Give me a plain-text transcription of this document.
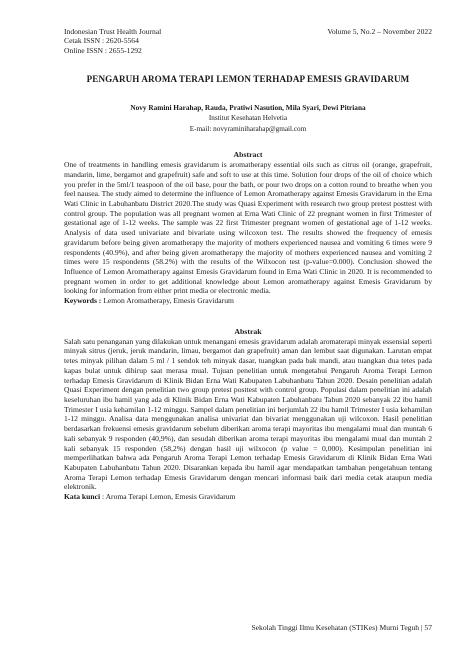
Indonesian Trust Health Journal
Cetak ISSN : 2620-5564
Online ISSN : 2655-1292
Volume 5, No.2 – November 2022
PENGARUH AROMA TERAPI LEMON TERHADAP EMESIS GRAVIDARUM
Novy Ramini Harahap, Rauda, Pratiwi Nasution, Mila Syari, Dewi Pitriana
Institut Kesehatan Helvetia
E-mail: novyraminiharahap@gmail.com
Abstract
One of treatments in handling emesis gravidarum is aromatherapy essential oils such as citrus oil (orange, grapefruit, mandarin, lime, bergamot and grapefruit) safe and soft to use at this time. Solution four drops of the oil of choice which you prefer in the 5ml/1 teaspoon of the oil base, pour the bath, or pour two drops on a cotton round to breathe when you feel nausea. The study aimed to determine the influence of Lemon Aromatherapy against Emesis Gravidarum in the Erna Wati Clinic in Labuhanbatu District 2020.The study was Quasi Experiment with research two group pretest posttest with control group. The population was all pregnant women at Erna Wati Clinic of 22 pregnant women in first Trimester of gestational age of 1-12 weeks. The sample was 22 first Trimester pregnant women of gestational age of 1-12 weeks. Analysis of data used univariate and bivariate using wilcoxon test. The results showed the frequency of emesis gravidarum before being given aromatherapy the majority of mothers experienced nausea and vomiting 6 times were 9 respondents (40.9%), and after being given aromatherapy the majority of mothers experienced nausea and vomiting 2 times were 15 respondents (58.2%) with the results of the Wilxocon test (p-value=0.000). Conclusion showed the Influence of Lemon Aromatherapy against Emesis Gravidarum found in Erna Wati Clinic in 2020. It is recommended to pregnant women in order to get additional knowledge about Lemon aromatherapy against Emesis Gravidarum by looking for information from either print media or electronic media.
Keywords : Lemon Aromatherapy, Emesis Gravidarum
Abstrak
Salah satu penanganan yang dilakukan untuk menangani emesis gravidarum adalah aromaterapi minyak essensial seperti minyak sitrus (jeruk, jeruk mandarin, limau, bergamot dan grapefruit) aman dan lembut saat digunakan. Larutan empat tetes minyak pilihan dalam 5 ml / 1 sendok teh minyak dasar, tuangkan pada bak mandi, atau tuangkan dua tetes pada kapas bulat untuk dihirup saat merasa mual. Tujuan penelitian untuk mengetahui Pengaruh Aroma Terapi Lemon terhadap Emesis Gravidarum di Klinik Bidan Erna Wati Kabupaten Labuhanbatu Tahun 2020. Desain penelitian adalah Quasi Experiment dengan penelitian two group pretest posttest with control group. Populasi dalam penelitian ini adalah keseluruhan ibu hamil yang ada di Klinik Bidan Erna Wati Kabupaten Labuhanbatu Tahun 2020 sebanyak 22 ibu hamil Trimester I usia kehamilan 1-12 minggu. Sampel dalam penelitian ini berjumlah 22 ibu hamil Trimester I usia kehamilan 1-12 minggu. Analisa data menggunakan analisa univariat dan bivariat menggunakan uji wilcoxon. Hasil penelitian berdasarkan frekuensi emesis gravidarum sebelum diberikan aroma terapi mayoritas ibu mengalami mual dan muntah 6 kali sebanyak 9 responden (40,9%), dan sesudah diberikan aroma terapi mayoritas ibu mengalami mual dan muntah 2 kali sebanyak 15 responden (58,2%) dengan hasil uji wilxocon (p value = 0,000). Kesimpulan penelitian ini memperlihatkan bahwa ada Pengaruh Aroma Terapi Lemon terhadap Emesis Gravidarum di Klinik Bidan Erna Wati Kabupaten Labuhanbatu Tahun 2020. Disarankan kepada ibu hamil agar mendapatkan tambahan pengetahuan tentang Aroma Terapi Lemon terhadap Emesis Gravidarum dengan mencari informasi baik dari media cetak ataupun media elektronik.
Kata kunci : Aroma Terapi Lemon, Emesis Gravidarum
Sekolah Tinggi Ilmu Kesehatan (STIKes) Murni Teguh | 57
